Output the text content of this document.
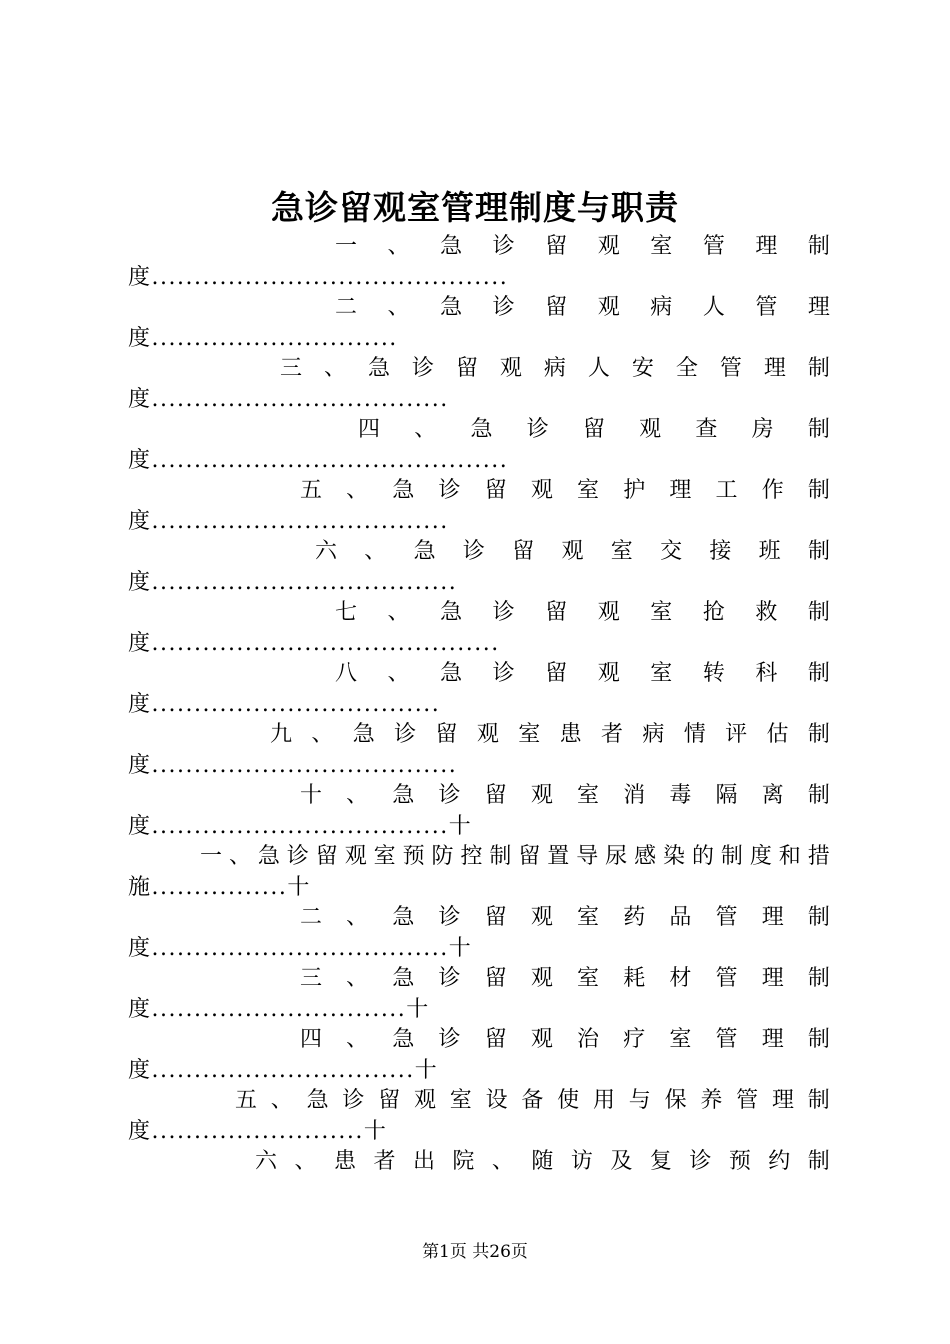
急诊留观室管理制度与职责
一 、 急 诊 留 观 室 管 理 制
度..........................................
二 、 急 诊 留 观 病 人 管 理
度.............................
三 、 急 诊 留 观 病 人 安 全 管 理 制
度...................................
四 、 急 诊 留 观 查 房 制
度..........................................
五 、 急 诊 留 观 室 护 理 工 作 制
度...................................
六 、 急 诊 留 观 室 交 接 班 制
度....................................
七 、 急 诊 留 观 室 抢 救 制
度.........................................
八 、 急 诊 留 观 室 转 科 制
度..................................
九 、 急 诊 留 观 室 患 者 病 情 评 估 制
度....................................
十 、 急 诊 留 观 室 消 毒 隔 离 制
度...................................十
一 、 急 诊 留 观 室 预 防 控 制 留 置 导 尿 感 染 的 制 度 和 措
施................十
二 、 急 诊 留 观 室 药 品 管 理 制
度...................................十
三 、 急 诊 留 观 室 耗 材 管 理 制
度..............................十
四 、 急 诊 留 观 治 疗 室 管 理 制
度...............................十
五 、 急 诊 留 观 室 设 备 使 用 与 保 养 管 理 制
度.........................十
六 、 患 者 出 院 、 随 访 及 复 诊 预 约 制
第1页 共26页
